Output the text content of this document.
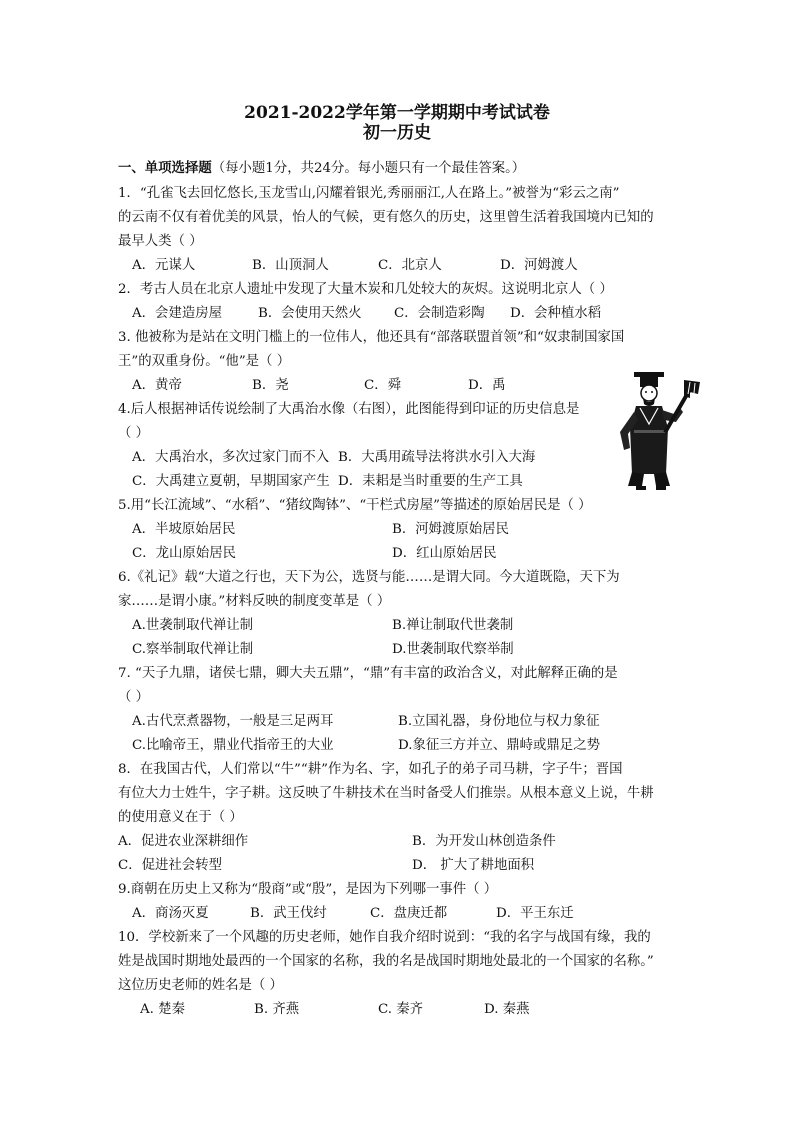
2021-2022学年第一学期期中考试试卷
初一历史
一、单项选择题（每小题1分，共24分。每小题只有一个最佳答案。）
1．“孔雀飞去回忆悠长,玉龙雪山,闪耀着银光,秀丽丽江,人在路上。”被誉为“彩云之南”
的云南不仅有着优美的风景，怡人的气候，更有悠久的历史，这里曾生活着我国境内已知的
最早人类（ ）
A．元谋人	B．山顶洞人	C．北京人	D．河姆渡人
2．考古人员在北京人遗址中发现了大量木炭和几处较大的灰烬。这说明北京人（ ）
A．会建造房屋	B．会使用天然火 C．会制造彩陶 D．会种植水稻
3. 他被称为是站在文明门槛上的一位伟人，他还具有“部落联盟首领”和“奴隶制国家国
王”的双重身份。“他”是（ ）
A．黄帝	B．尧	C．舜	D．禹
4.后人根据神话传说绘制了大禹治水像（右图），此图能得到印证的历史信息是
（ ）
A．大禹治水，多次过家门而不入 B．大禹用疏导法将洪水引入大海
C．大禹建立夏朝，早期国家产生 D．耒耜是当时重要的生产工具
5.用“长江流域”、“水稻”、“猪纹陶钵”、“干栏式房屋”等描述的原始居民是（ ）
A．半坡原始居民	B．河姆渡原始居民
C．龙山原始居民	D．红山原始居民
6.《礼记》载“大道之行也，天下为公，选贤与能……是谓大同。今大道既隐，天下为
家……是谓小康。”材料反映的制度变革是（ ）
A.世袭制取代禅让制	B.禅让制取代世袭制
C.察举制取代禅让制	D.世袭制取代察举制
7. “天子九鼎，诸侯七鼎，卿大夫五鼎”，“鼎”有丰富的政治含义，对此解释正确的是
（ ）
A.古代烹煮器物，一般是三足两耳	B.立国礼器，身份地位与权力象征
C.比喻帝王，鼎业代指帝王的大业	D.象征三方并立、鼎峙或鼎足之势
8．在我国古代，人们常以“牛”“耕”作为名、字，如孔子的弟子司马耕，字子牛；晋国
有位大力士姓牛，字子耕。这反映了牛耕技术在当时备受人们推崇。从根本意义上说，牛耕
的使用意义在于（ ）
A．促进农业深耕细作	B．为开发山林创造条件
C．促进社会转型	D． 扩大了耕地面积
9.商朝在历史上又称为“殷商”或“殷”，是因为下列哪一事件（ ）
A．商汤灭夏	B．武王伐纣	C．盘庚迁都	D．平王东迁
10．学校新来了一个风趣的历史老师，她作自我介绍时说到：“我的名字与战国有缘，我的
姓是战国时期地处最西的一个国家的名称，我的名是战国时期地处最北的一个国家的名称。”
这位历史老师的姓名是（ ）
A. 楚秦	B. 齐燕	C. 秦齐	D. 秦燕
